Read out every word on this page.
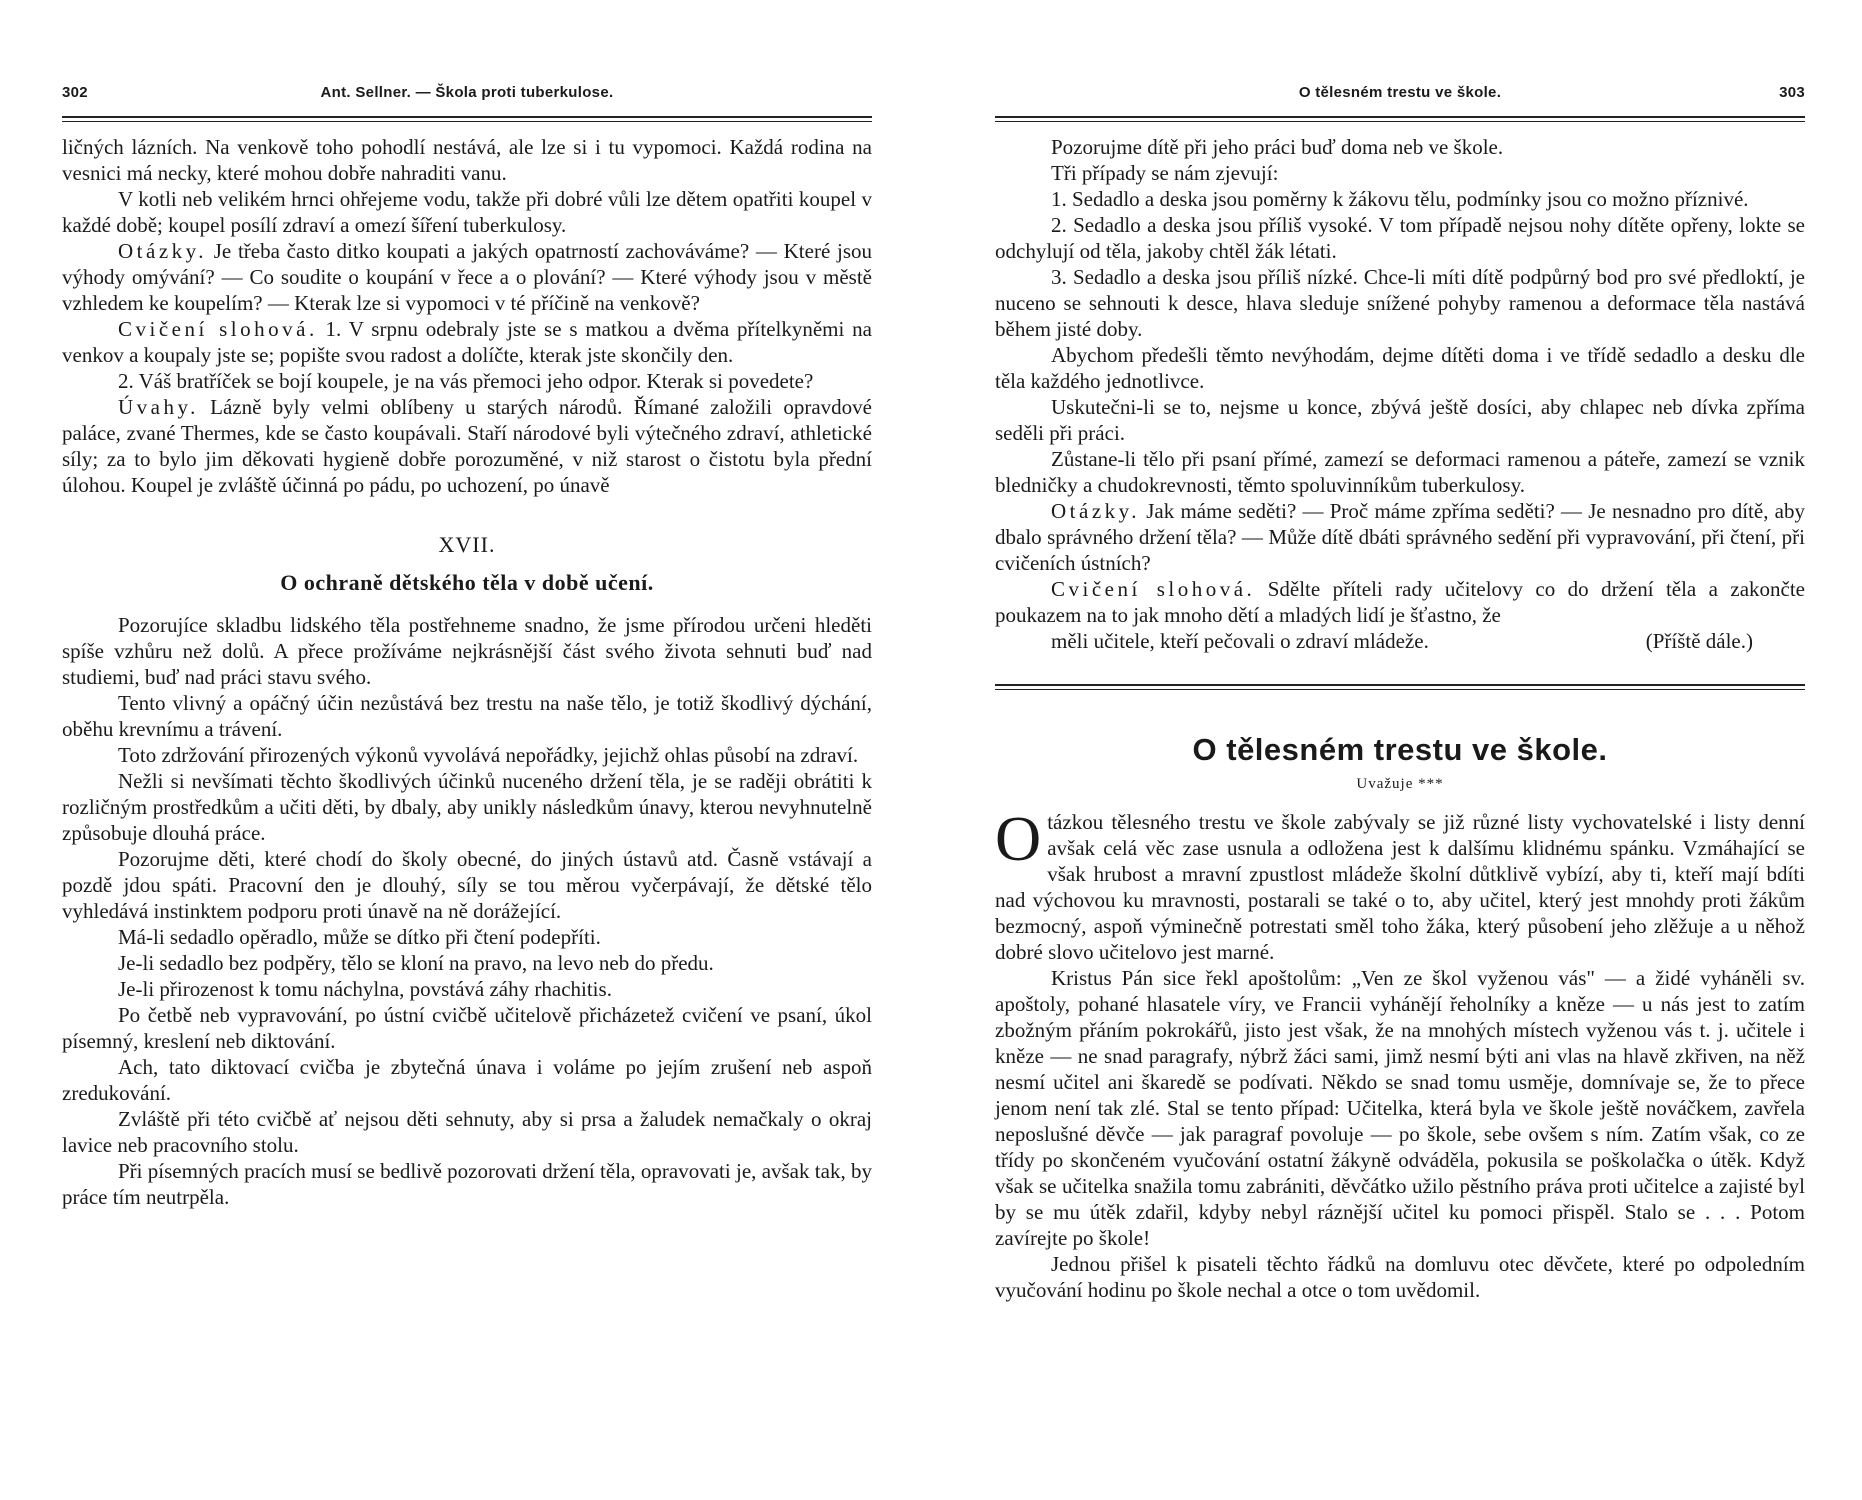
302	Ant. Sellner. — Škola proti tuberkulose.

ličných lázních. Na venkově toho pohodlí nestává, ale lze si i tu vypomoci. Každá rodina na vesnici má necky, které mohou dobře nahraditi vanu.

V kotli neb velikém hrnci ohřejeme vodu, takže při dobré vůli lze dětem opatřiti koupel v každé době; koupel posílí zdraví a omezí šíření tuberkulosy.

Otázky. Je třeba často ditko koupati a jakých opatrností zachováváme? — Které jsou výhody omývání? — Co soudite o koupání v řece a o plování? — Které výhody jsou v městě vzhledem ke koupelím? — Kterak lze si vypomoci v té příčině na venkově?

Cvičení slohová. 1. V srpnu odebraly jste se s matkou a dvěma přítelkyněmi na venkov a koupaly jste se; popište svou radost a dolíčte, kterak jste skončily den.

2. Váš bratříček se bojí koupele, je na vás přemoci jeho odpor. Kterak si povedete?

Úvahy. Lázně byly velmi oblíbeny u starých národů. Římané založili opravdové paláce, zvané Thermes, kde se často koupávali. Staří národové byli výtečného zdraví, athletické síly; za to bylo jim děkovati hygieně dobře porozuměné, v niž starost o čistotu byla přední úlohou. Koupel je zvláště účinná po pádu, po uchození, po únavě

XVII.
O ochraně dětského těla v době učení.

Pozorujíce skladbu lidského těla postřehneme snadno, že jsme přírodou určeni hleděti spíše vzhůru než dolů. A přece prožíváme nejkrásnější část svého života sehnuti buď nad studiemi, buď nad práci stavu svého.

Tento vlivný a opáčný účin nezůstává bez trestu na naše tělo, je totiž škodlivý dýchání, oběhu krevnímu a trávení.

Toto zdržování přirozených výkonů vyvolává nepořádky, jejichž ohlas působí na zdraví.

Nežli si nevšímati těchto škodlivých účinků nuceného držení těla, je se raději obrátiti k rozličným prostředkům a učiti děti, by dbaly, aby unikly následkům únavy, kterou nevyhnutelně způsobuje dlouhá práce.

Pozorujme děti, které chodí do školy obecné, do jiných ústavů atd. Časně vstávají a pozdě jdou spáti. Pracovní den je dlouhý, síly se tou měrou vyčerpávají, že dětské tělo vyhledává instinktem podporu proti únavě na ně dorážející.

Má-li sedadlo opěradlo, může se dítko při čtení podepříti.

Je-li sedadlo bez podpěry, tělo se kloní na pravo, na levo neb do předu.

Je-li přirozenost k tomu náchylna, povstává záhy rhachitis.

Po četbě neb vypravování, po ústní cvičbě učitelově přicházetež cvičení ve psaní, úkol písemný, kreslení neb diktování.

Ach, tato diktovací cvičba je zbytečná únava i voláme po jejím zrušení neb aspoň zredukování.

Zvláště při této cvičbě ať nejsou děti sehnuty, aby si prsa a žaludek nemačkaly o okraj lavice neb pracovního stolu.

Při písemných pracích musí se bedlivě pozorovati držení těla, opravovati je, avšak tak, by práce tím neutrpěla.

O tělesném trestu ve škole.	303

Pozorujme dítě při jeho práci buď doma neb ve škole.

Tři případy se nám zjevují:

1. Sedadlo a deska jsou poměrny k žákovu tělu, podmínky jsou co možno příznivé.

2. Sedadlo a deska jsou příliš vysoké. V tom případě nejsou nohy dítěte opřeny, lokte se odchylují od těla, jakoby chtěl žák létati.

3. Sedadlo a deska jsou příliš nízké. Chce-li míti dítě podpůrný bod pro své předloktí, je nuceno se sehnouti k desce, hlava sleduje snížené pohyby ramenou a deformace těla nastává během jisté doby.

Abychom předešli těmto nevýhodám, dejme dítěti doma i ve třídě sedadlo a desku dle těla každého jednotlivce.

Uskutečni-li se to, nejsme u konce, zbývá ještě dosíci, aby chlapec neb dívka zpříma seděli při práci.

Zůstane-li tělo při psaní přímé, zamezí se deformaci ramenou a páteře, zamezí se vznik bledničky a chudokrevnosti, těmto spoluvinníkům tuberkulosy.

Otázky. Jak máme seděti? — Proč máme zpříma seděti? — Je nesnadno pro dítě, aby dbalo správného držení těla? — Může dítě dbáti správného sedění při vypravování, při čtení, při cvičeních ústních?

Cvičení slohová. Sdělte příteli rady učitelovy co do držení těla a zakončte poukazem na to jak mnoho dětí a mladých lidí je šťastno, že

měli učitele, kteří pečovali o zdraví mládeže.	(Příště dále.)

O tělesném trestu ve škole.
Uvažuje ***

Otázkou tělesného trestu ve škole zabývaly se již různé listy vychovatelské i listy denní avšak celá věc zase usnula a odložena jest k dalšímu klidnému spánku. Vzmáhající se však hrubost a mravní zpustlost mládeže školní důtklivě vybízí, aby ti, kteří mají bdíti nad výchovou ku mravnosti, postarali se také o to, aby učitel, který jest mnohdy proti žákům bezmocný, aspoň výminečně potrestati směl toho žáka, který působení jeho zlěžuje a u něhož dobré slovo učitelovo jest marné.

Kristus Pán sice řekl apoštolům: „Ven ze škol vyženou vás" — a židé vyháněli sv. apoštoly, pohané hlasatele víry, ve Francii vyhánějí řeholníky a kněze — u nás jest to zatím zbožným přáním pokrokářů, jisto jest však, že na mnohých místech vyženou vás t. j. učitele i kněze — ne snad paragrafy, nýbrž žáci sami, jimž nesmí býti ani vlas na hlavě zkřiven, na něž nesmí učitel ani škaredě se podívati. Někdo se snad tomu usměje, domnívaje se, že to přece jenom není tak zlé. Stal se tento případ: Učitelka, která byla ve škole ještě nováčkem, zavřela neposlušné děvče — jak paragraf povoluje — po škole, sebe ovšem s ním. Zatím však, co ze třídy po skončeném vyučování ostatní žákyně odváděla, pokusila se poškolačka o útěk. Když však se učitelka snažila tomu zabrániti, děvčátko užilo pěstního práva proti učitelce a zajisté byl by se mu útěk zdařil, kdyby nebyl ráznější učitel ku pomoci přispěl. Stalo se . . . Potom zavírejte po škole!

Jednou přišel k pisateli těchto řádků na domluvu otec děvčete, které po odpoledním vyučování hodinu po škole nechal a otce o tom uvědomil.
